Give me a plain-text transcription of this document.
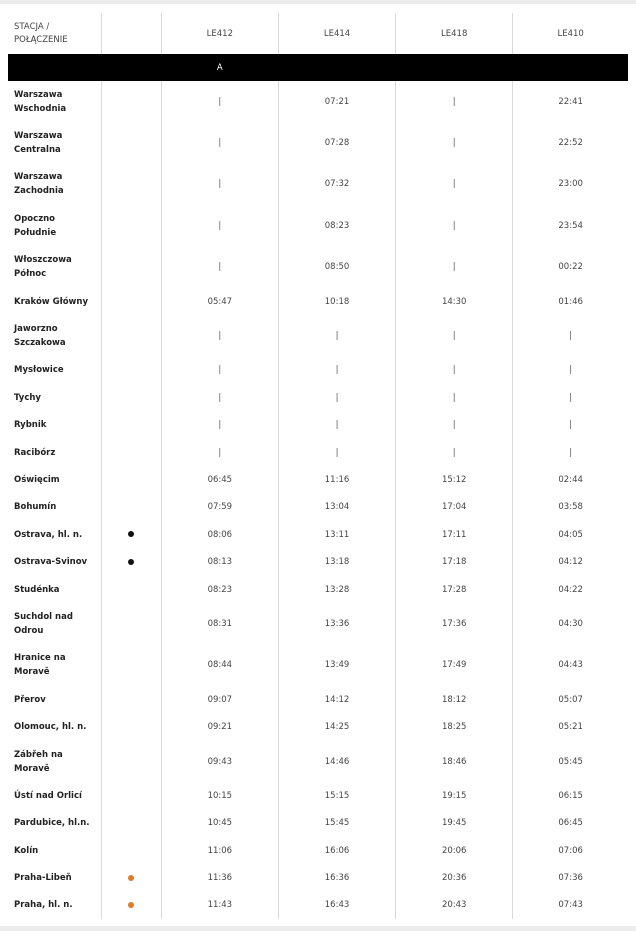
STACJA /
POŁĄCZENIE		LE412	LE414	LE418	LE410
		A			
Warszawa
Wschodnia		|	07:21	|	22:41
Warszawa
Centralna		|	07:28	|	22:52
Warszawa
Zachodnia		|	07:32	|	23:00
Opoczno
Południe		|	08:23	|	23:54
Włoszczowa
Północ		|	08:50	|	00:22
Kraków Główny		05:47	10:18	14:30	01:46
Jaworzno
Szczakowa		|	|	|	|
Mysłowice		|	|	|	|
Tychy		|	|	|	|
Rybnik		|	|	|	|
Racibórz		|	|	|	|
Oświęcim		06:45	11:16	15:12	02:44
Bohumín		07:59	13:04	17:04	03:58
Ostrava, hl. n.		08:06	13:11	17:11	04:05
Ostrava-Svinov		08:13	13:18	17:18	04:12
Studénka		08:23	13:28	17:28	04:22
Suchdol nad
Odrou		08:31	13:36	17:36	04:30
Hranice na
Moravě		08:44	13:49	17:49	04:43
Přerov		09:07	14:12	18:12	05:07
Olomouc, hl. n.		09:21	14:25	18:25	05:21
Zábřeh na
Moravě		09:43	14:46	18:46	05:45
Ústí nad Orlicí		10:15	15:15	19:15	06:15
Pardubice, hl.n.		10:45	15:45	19:45	06:45
Kolín		11:06	16:06	20:06	07:06
Praha-Libeň		11:36	16:36	20:36	07:36
Praha, hl. n.		11:43	16:43	20:43	07:43
